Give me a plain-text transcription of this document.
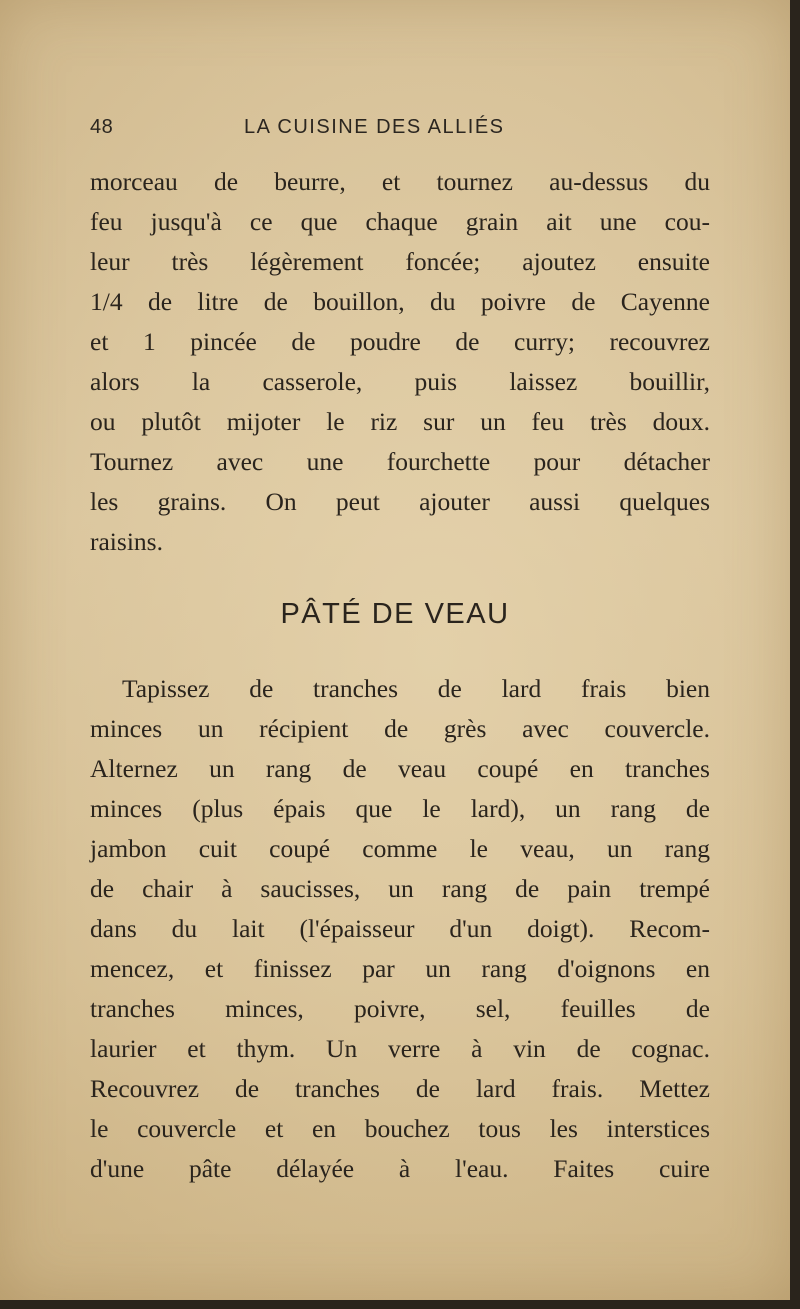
48	LA CUISINE DES ALLIÉS
morceau de beurre, et tournez au-dessus du
feu jusqu'à ce que chaque grain ait une cou-
leur très légèrement foncée; ajoutez ensuite
1/4 de litre de bouillon, du poivre de Cayenne
et 1 pincée de poudre de curry; recouvrez
alors la casserole, puis laissez bouillir,
ou plutôt mijoter le riz sur un feu très doux.
Tournez avec une fourchette pour détacher
les grains. On peut ajouter aussi quelques
raisins.
PÂTÉ DE VEAU
Tapissez de tranches de lard frais bien
minces un récipient de grès avec couvercle.
Alternez un rang de veau coupé en tranches
minces (plus épais que le lard), un rang de
jambon cuit coupé comme le veau, un rang
de chair à saucisses, un rang de pain trempé
dans du lait (l'épaisseur d'un doigt). Recom-
mencez, et finissez par un rang d'oignons en
tranches minces, poivre, sel, feuilles de
laurier et thym. Un verre à vin de cognac.
Recouvrez de tranches de lard frais. Mettez
le couvercle et en bouchez tous les interstices
d'une pâte délayée à l'eau. Faites cuire
